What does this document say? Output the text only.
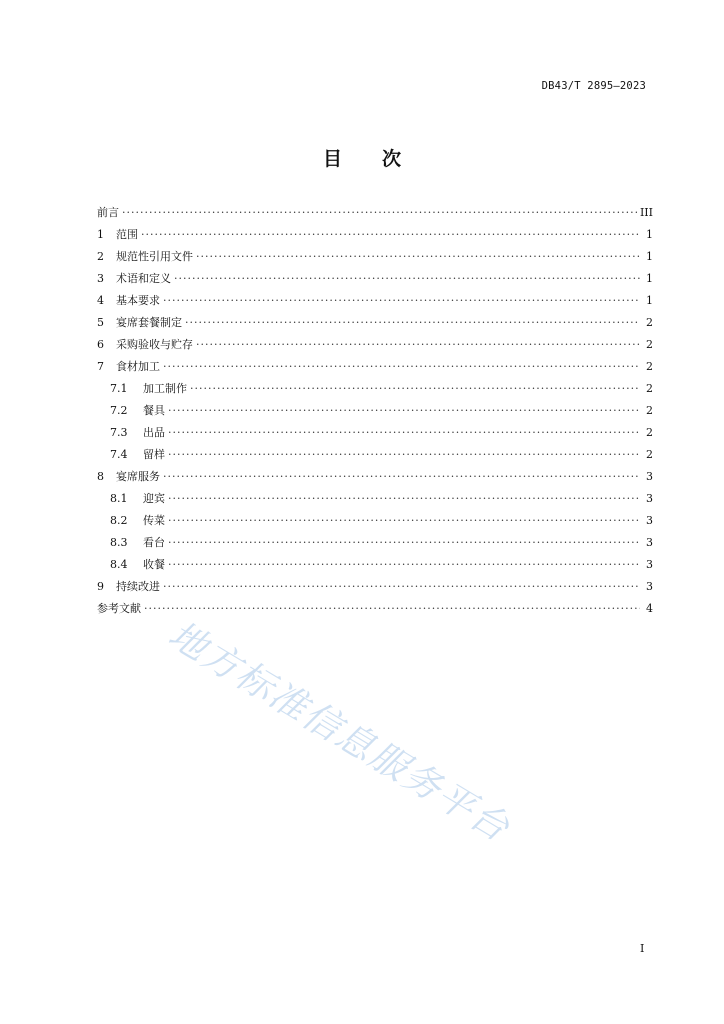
DB43/T 2895—2023
目 次
前言 ·····	III
1	范围 ·····	1
2	规范性引用文件 ·····	1
3	术语和定义 ·····	1
4	基本要求 ·····	1
5	宴席套餐制定 ·····	2
6	采购验收与贮存 ·····	2
7	食材加工 ·····	2
7.1	加工制作 ·····	2
7.2	餐具 ·····	2
7.3	出品 ·····	2
7.4	留样 ·····	2
8	宴席服务 ·····	3
8.1	迎宾 ·····	3
8.2	传菜 ·····	3
8.3	看台 ·····	3
8.4	收餐 ·····	3
9	持续改进 ·····	3
参考文献 ·····	4
地方标准信息服务平台
I
